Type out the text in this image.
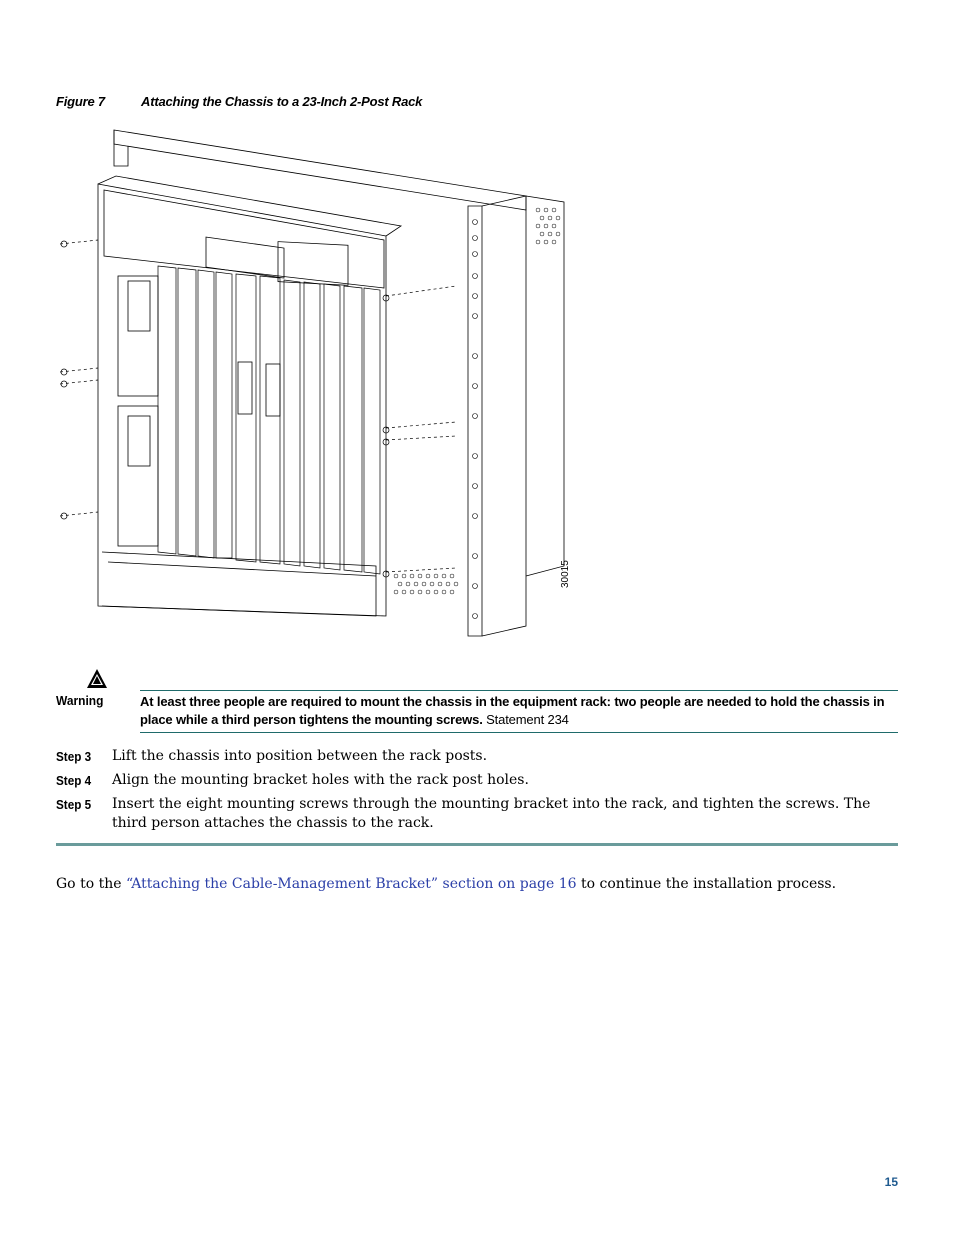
Figure 7	Attaching the Chassis to a 23-Inch 2-Post Rack
30015
Warning	At least three people are required to mount the chassis in the equipment rack: two people are needed to hold the chassis in place while a third person tightens the mounting screws. Statement 234
Step 3 Lift the chassis into position between the rack posts.
Step 4 Align the mounting bracket holes with the rack post holes.
Step 5 Insert the eight mounting screws through the mounting bracket into the rack, and tighten the screws. The third person attaches the chassis to the rack.
Go to the “Attaching the Cable-Management Bracket” section on page 16 to continue the installation process.
15
